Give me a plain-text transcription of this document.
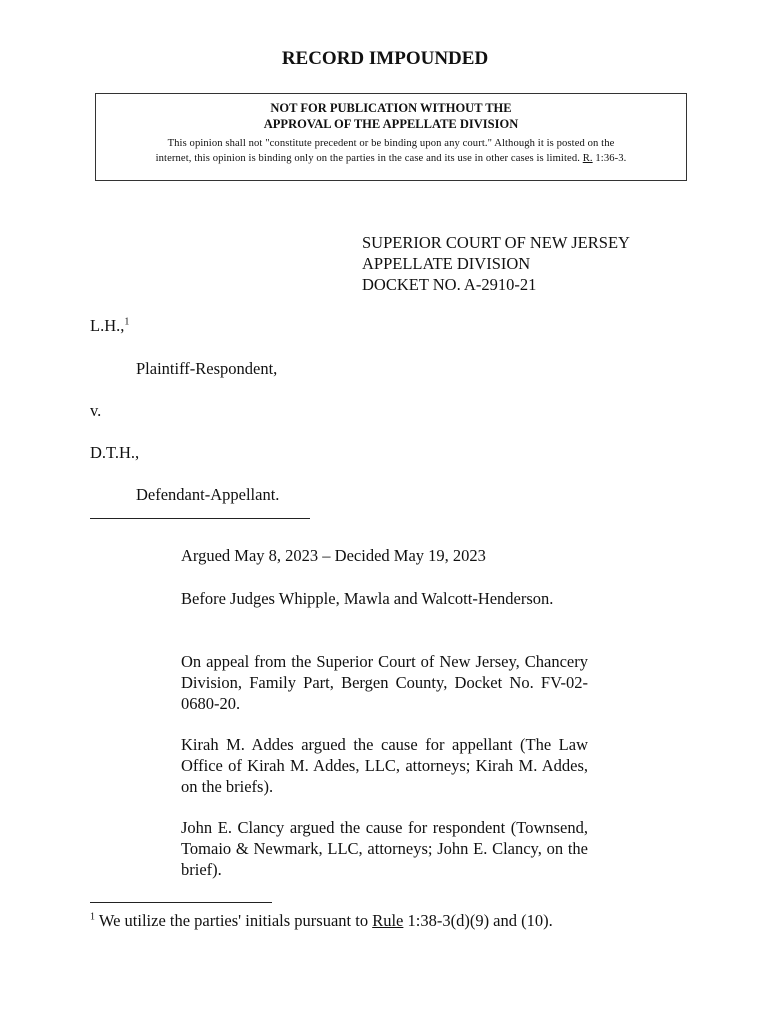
RECORD IMPOUNDED
NOT FOR PUBLICATION WITHOUT THE
APPROVAL OF THE APPELLATE DIVISION
This opinion shall not "constitute precedent or be binding upon any court." Although it is posted on the
internet, this opinion is binding only on the parties in the case and its use in other cases is limited. R. 1:36-3.
SUPERIOR COURT OF NEW JERSEY
APPELLATE DIVISION
DOCKET NO. A-2910-21
L.H.,$^1$
Plaintiff-Respondent,
v.
D.T.H.,
Defendant-Appellant.
Argued May 8, 2023 – Decided May 19, 2023
Before Judges Whipple, Mawla and Walcott-Henderson.
On appeal from the Superior Court of New Jersey, Chancery Division, Family Part, Bergen County, Docket No. FV-02-0680-20.
Kirah M. Addes argued the cause for appellant (The Law Office of Kirah M. Addes, LLC, attorneys; Kirah M. Addes, on the briefs).
John E. Clancy argued the cause for respondent (Townsend, Tomaio & Newmark, LLC, attorneys; John E. Clancy, on the brief).
$^1$ We utilize the parties' initials pursuant to Rule 1:38-3(d)(9) and (10).
